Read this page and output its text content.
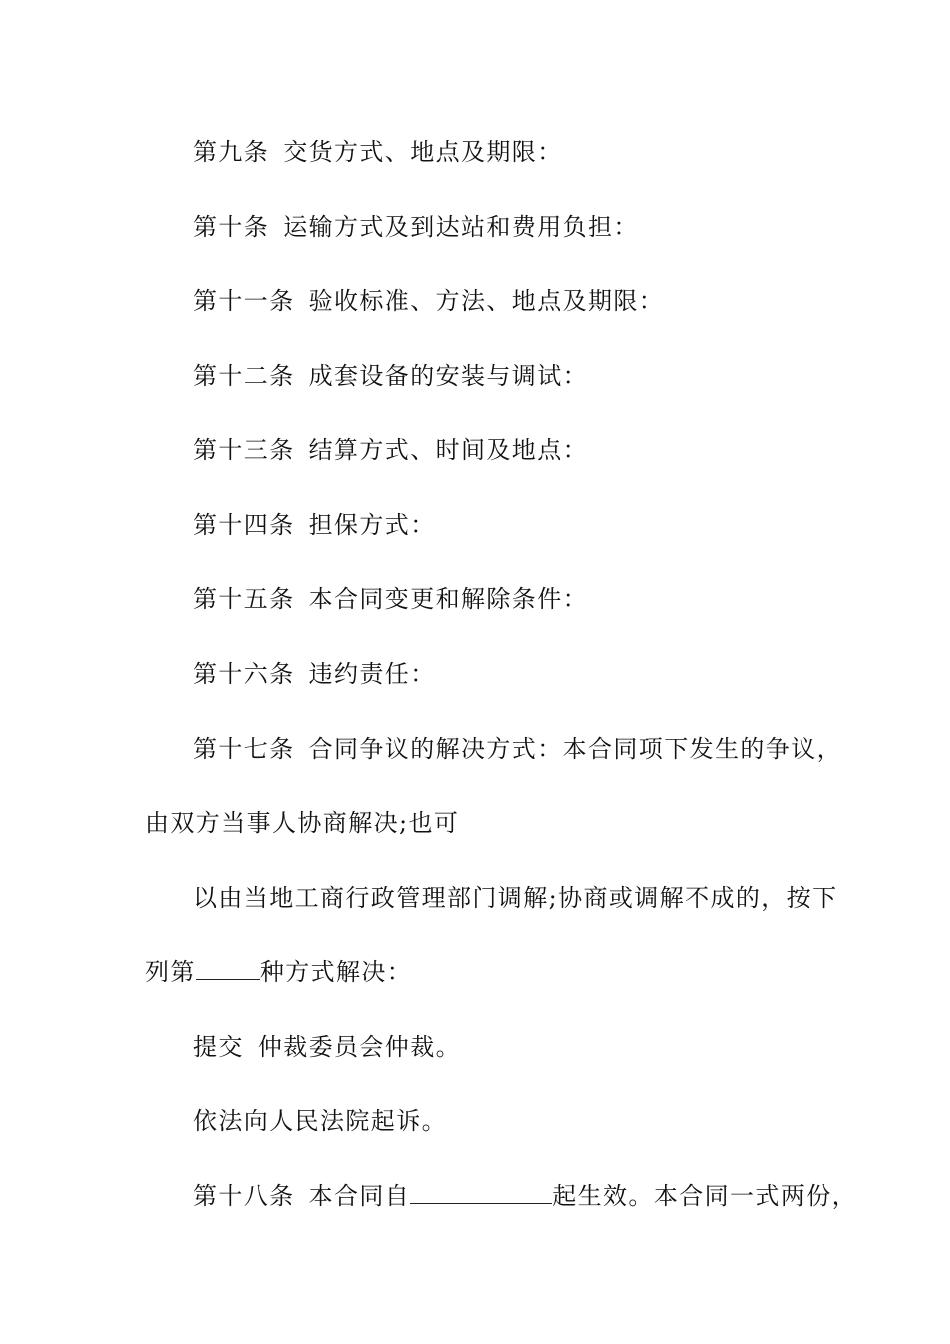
第九条 交货方式、地点及期限：
第十条 运输方式及到达站和费用负担：
第十一条 验收标准、方法、地点及期限：
第十二条 成套设备的安装与调试：
第十三条 结算方式、时间及地点：
第十四条 担保方式：
第十五条 本合同变更和解除条件：
第十六条 违约责任：
第十七条 合同争议的解决方式：本合同项下发生的争议，
由双方当事人协商解决;也可
以由当地工商行政管理部门调解;协商或调解不成的，按下
列第	种方式解决：
提交 仲裁委员会仲裁。
依法向人民法院起诉。
第十八条 本合同自	起生效。本合同一式两份，
